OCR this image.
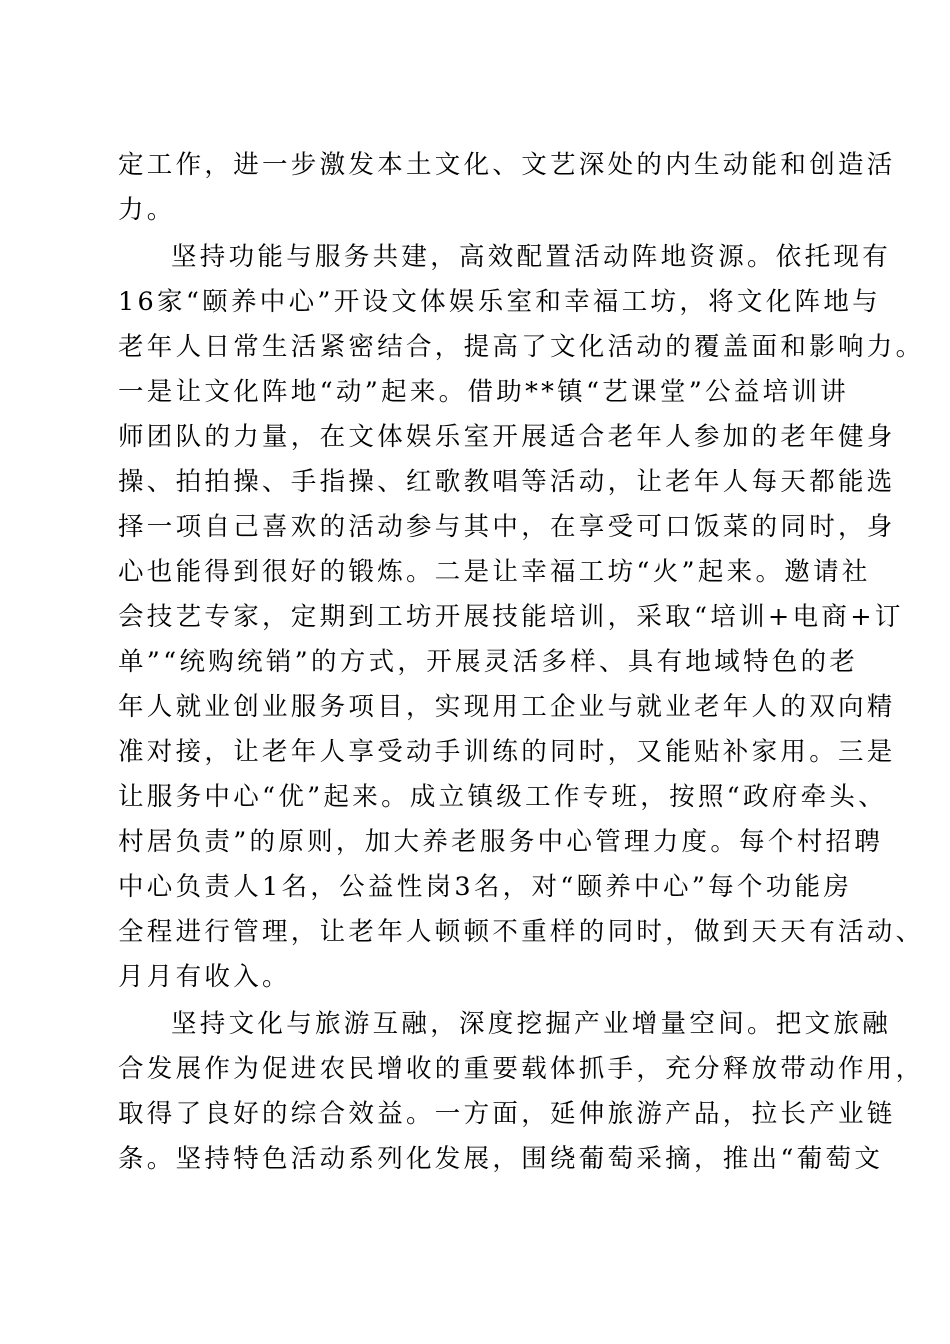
定工作，进一步激发本土文化、文艺深处的内生动能和创造活
力。
坚持功能与服务共建，高效配置活动阵地资源。依托现有
16家“颐养中心”开设文体娱乐室和幸福工坊，将文化阵地与
老年人日常生活紧密结合，提高了文化活动的覆盖面和影响力。
一是让文化阵地“动”起来。借助**镇“艺课堂”公益培训讲
师团队的力量，在文体娱乐室开展适合老年人参加的老年健身
操、拍拍操、手指操、红歌教唱等活动，让老年人每天都能选
择一项自己喜欢的活动参与其中，在享受可口饭菜的同时，身
心也能得到很好的锻炼。二是让幸福工坊“火”起来。邀请社
会技艺专家，定期到工坊开展技能培训，采取“培训+电商+订
单”“统购统销”的方式，开展灵活多样、具有地域特色的老
年人就业创业服务项目，实现用工企业与就业老年人的双向精
准对接，让老年人享受动手训练的同时，又能贴补家用。三是
让服务中心“优”起来。成立镇级工作专班，按照“政府牵头、
村居负责”的原则，加大养老服务中心管理力度。每个村招聘
中心负责人1名，公益性岗3名，对“颐养中心”每个功能房
全程进行管理，让老年人顿顿不重样的同时，做到天天有活动、
月月有收入。
坚持文化与旅游互融，深度挖掘产业增量空间。把文旅融
合发展作为促进农民增收的重要载体抓手，充分释放带动作用，
取得了良好的综合效益。一方面，延伸旅游产品，拉长产业链
条。坚持特色活动系列化发展，围绕葡萄采摘，推出“葡萄文
